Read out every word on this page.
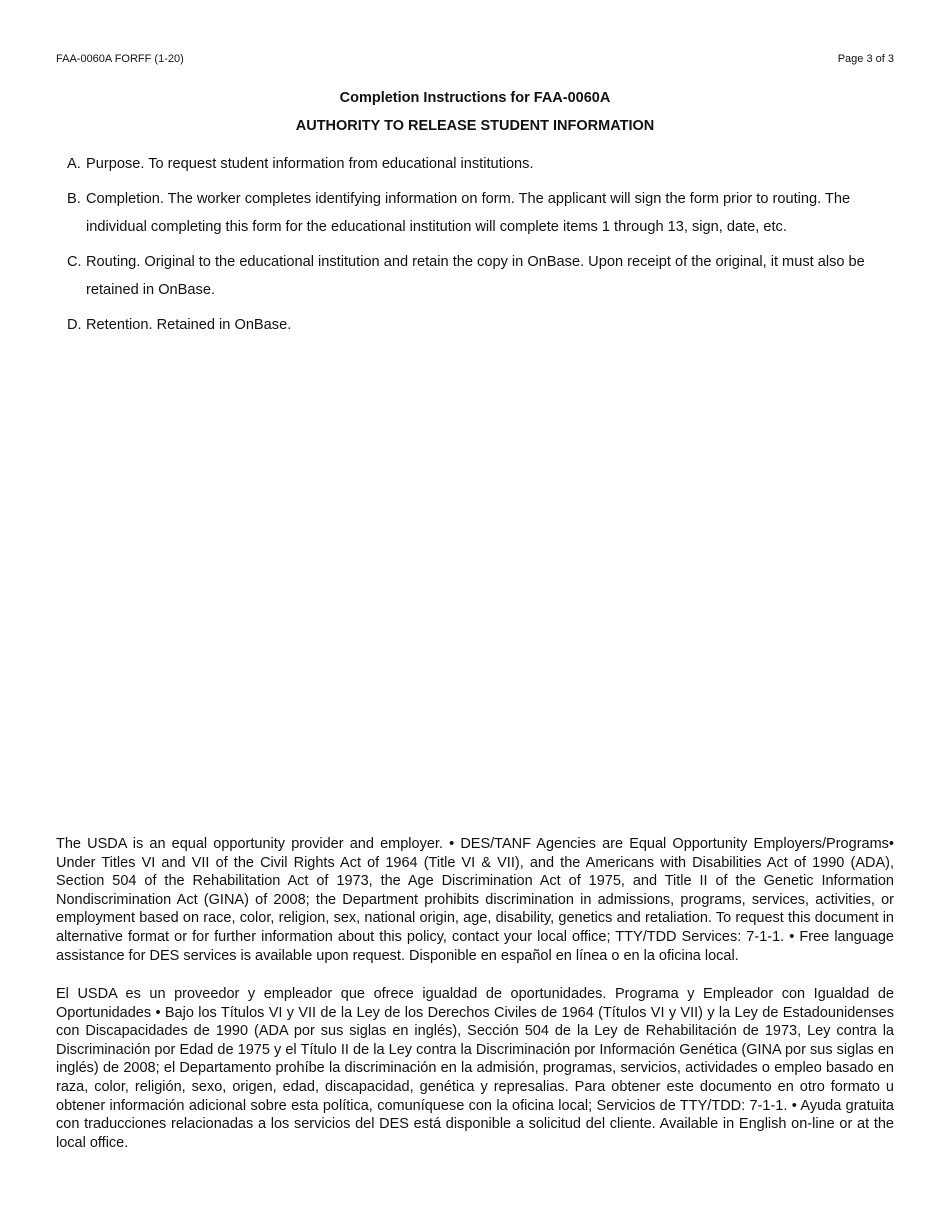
FAA-0060A FORFF (1-20)	Page 3 of 3
Completion Instructions for FAA-0060A
AUTHORITY TO RELEASE STUDENT INFORMATION
A. Purpose. To request student information from educational institutions.
B. Completion. The worker completes identifying information on form. The applicant will sign the form prior to routing. The individual completing this form for the educational institution will complete items 1 through 13, sign, date, etc.
C. Routing. Original to the educational institution and retain the copy in OnBase. Upon receipt of the original, it must also be retained in OnBase.
D. Retention. Retained in OnBase.

The USDA is an equal opportunity provider and employer. • DES/TANF Agencies are Equal Opportunity Employers/Programs• Under Titles VI and VII of the Civil Rights Act of 1964 (Title VI & VII), and the Americans with Disabilities Act of 1990 (ADA), Section 504 of the Rehabilitation Act of 1973, the Age Discrimination Act of 1975, and Title II of the Genetic Information Nondiscrimination Act (GINA) of 2008; the Department prohibits discrimination in admissions, programs, services, activities, or employment based on race, color, religion, sex, national origin, age, disability, genetics and retaliation. To request this document in alternative format or for further information about this policy, contact your local office; TTY/TDD Services: 7-1-1. • Free language assistance for DES services is available upon request. Disponible en español en línea o en la oficina local.

El USDA es un proveedor y empleador que ofrece igualdad de oportunidades. Programa y Empleador con Igualdad de Oportunidades • Bajo los Títulos VI y VII de la Ley de los Derechos Civiles de 1964 (Títulos VI y VII) y la Ley de Estadounidenses con Discapacidades de 1990 (ADA por sus siglas en inglés), Sección 504 de la Ley de Rehabilitación de 1973, Ley contra la Discriminación por Edad de 1975 y el Título II de la Ley contra la Discriminación por Información Genética (GINA por sus siglas en inglés) de 2008; el Departamento prohíbe la discriminación en la admisión, programas, servicios, actividades o empleo basado en raza, color, religión, sexo, origen, edad, discapacidad, genética y represalias. Para obtener este documento en otro formato u obtener información adicional sobre esta política, comuníquese con la oficina local; Servicios de TTY/TDD: 7-1-1. • Ayuda gratuita con traducciones relacionadas a los servicios del DES está disponible a solicitud del cliente. Available in English on-line or at the local office.
